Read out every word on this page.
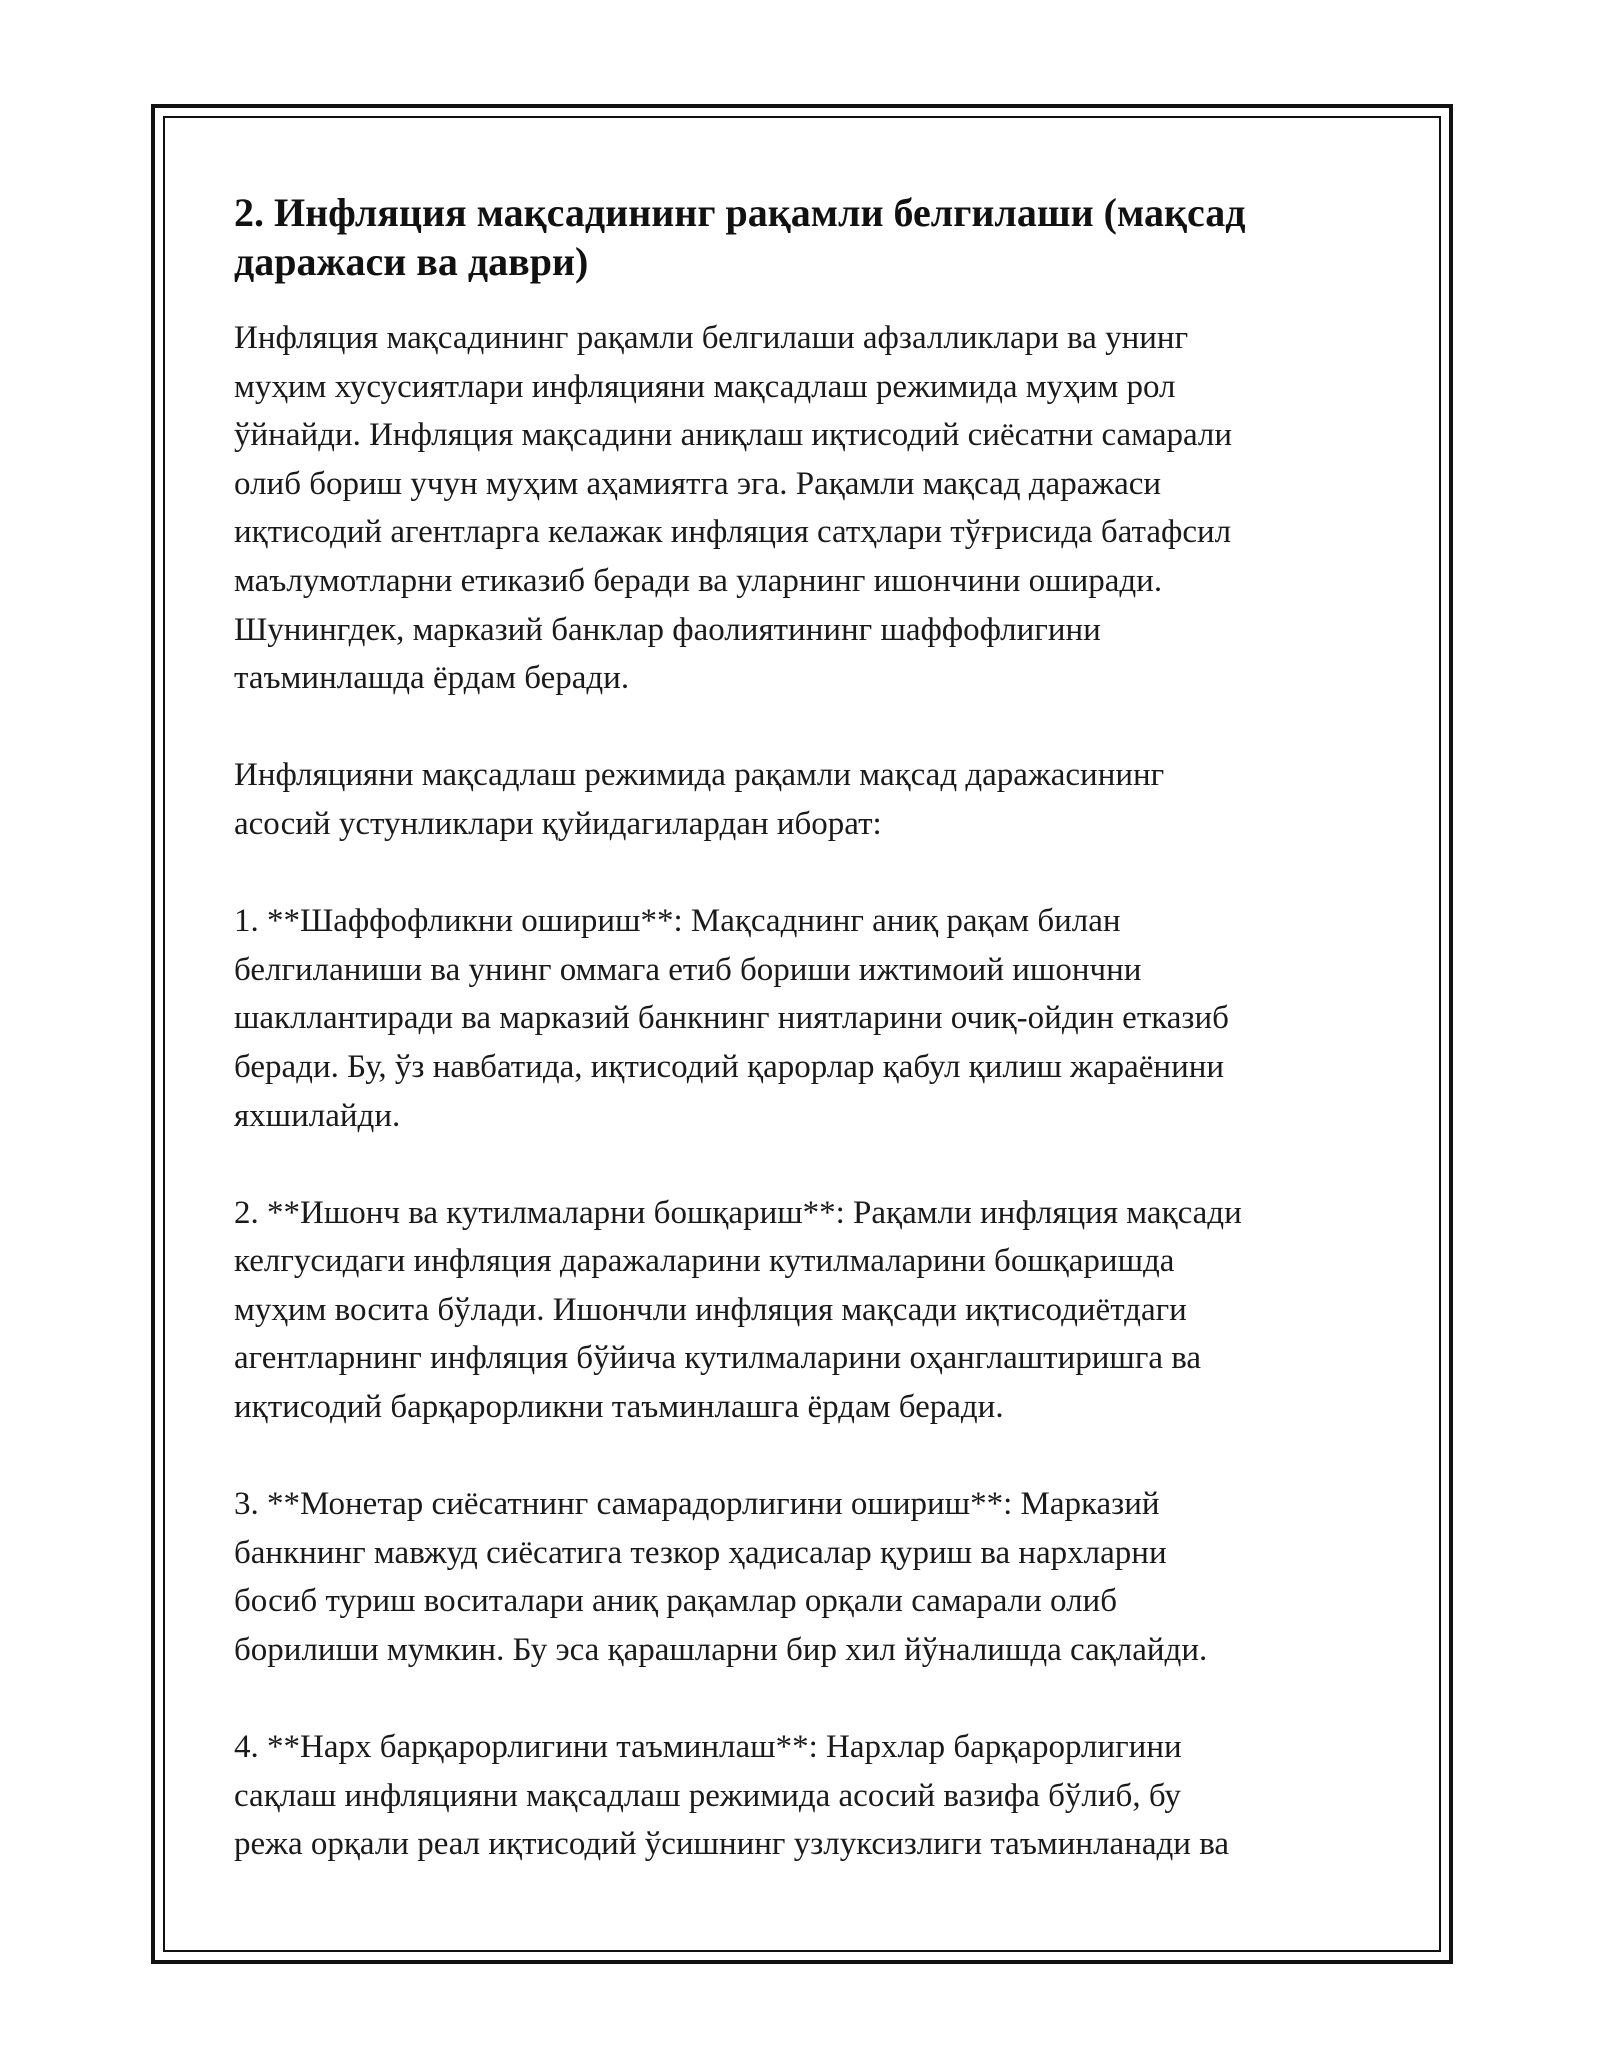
2. Инфляция мақсадининг рақамли белгилаши (мақсад
даражаси ва даври)

Инфляция мақсадининг рақамли белгилаши афзалликлари ва унинг
муҳим хусусиятлари инфляцияни мақсадлаш режимида муҳим рол
ўйнайди. Инфляция мақсадини аниқлаш иқтисодий сиёсатни самарали
олиб бориш учун муҳим аҳамиятга эга. Рақамли мақсад даражаси
иқтисодий агентларга келажак инфляция сатҳлари тўғрисида батафсил
маълумотларни етиказиб беради ва уларнинг ишончини оширади.
Шунингдек, марказий банклар фаолиятининг шаффофлигини
таъминлашда ёрдам беради.

Инфляцияни мақсадлаш режимида рақамли мақсад даражасининг
асосий устунликлари қуйидагилардан иборат:

1. **Шаффофликни ошириш**: Мақсаднинг аниқ рақам билан
белгиланиши ва унинг оммага етиб бориши ижтимоий ишончни
шакллантиради ва марказий банкнинг ниятларини очиқ-ойдин етказиб
беради. Бу, ўз навбатида, иқтисодий қарорлар қабул қилиш жараёнини
яхшилайди.

2. **Ишонч ва кутилмаларни бошқариш**: Рақамли инфляция мақсади
келгусидаги инфляция даражаларини кутилмаларини бошқаришда
муҳим восита бўлади. Ишончли инфляция мақсади иқтисодиётдаги
агентларнинг инфляция бўйича кутилмаларини оҳанглаштиришга ва
иқтисодий барқарорликни таъминлашга ёрдам беради.

3. **Монетар сиёсатнинг самарадорлигини ошириш**: Марказий
банкнинг мавжуд сиёсатига тезкор ҳадисалар қуриш ва нархларни
босиб туриш воситалари аниқ рақамлар орқали самарали олиб
борилиши мумкин. Бу эса қарашларни бир хил йўналишда сақлайди.

4. **Нарх барқарорлигини таъминлаш**: Нархлар барқарорлигини
сақлаш инфляцияни мақсадлаш режимида асосий вазифа бўлиб, бу
режа орқали реал иқтисодий ўсишнинг узлуксизлиги таъминланади ва
